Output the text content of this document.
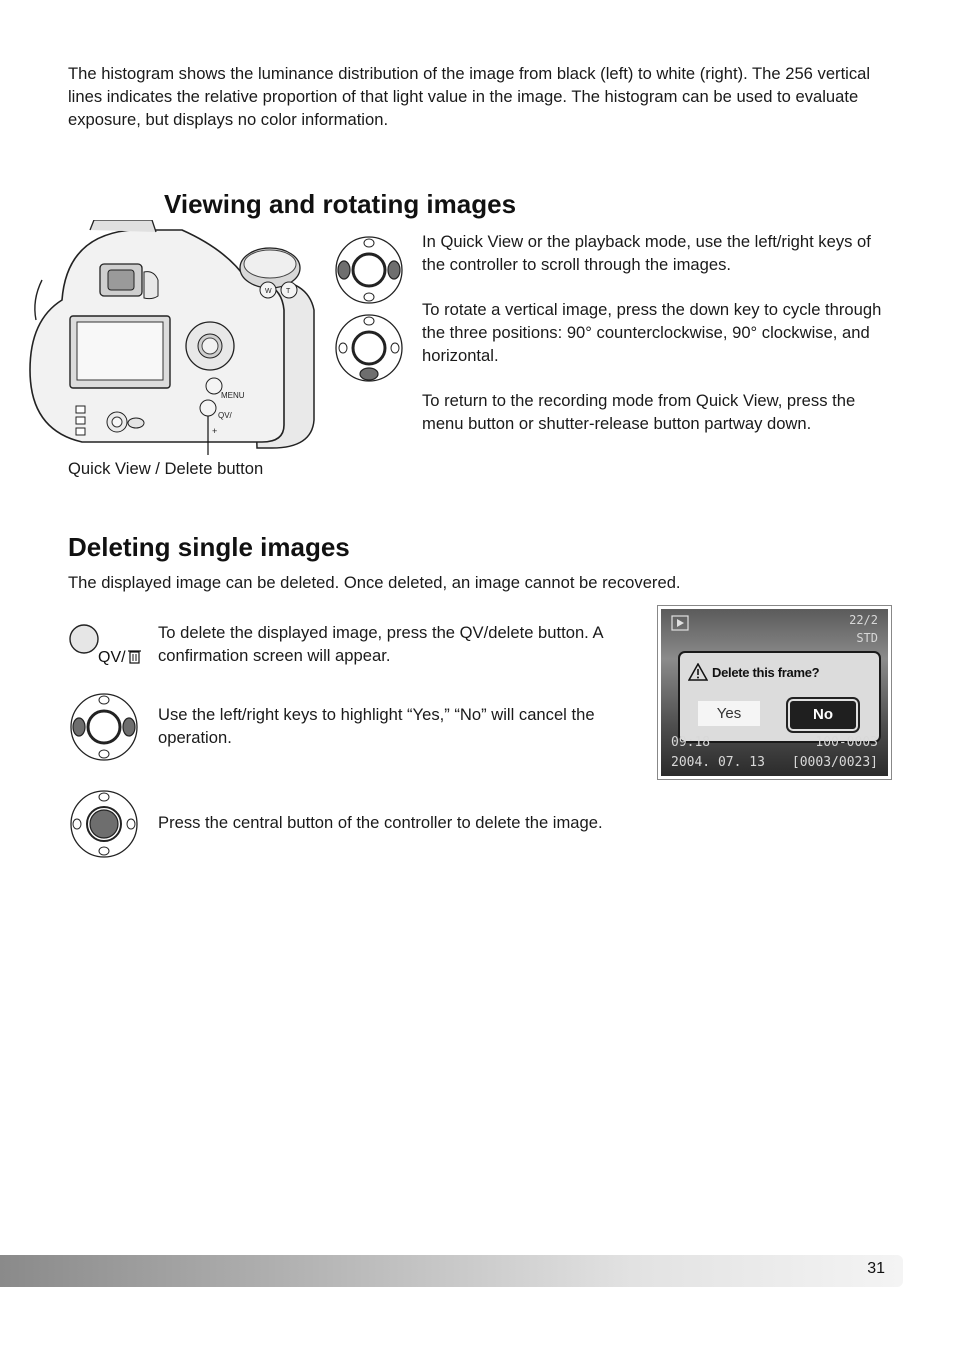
The histogram shows the luminance distribution of the image from black (left) to white (right). The 256 vertical lines indicates the relative proportion of that light value in the image. The histogram can be used to evaluate exposure, but displays no color information.
Viewing and rotating images
W T
MENU
QV/
+
Quick View / Delete button
In Quick View or the playback mode, use the left/right keys of the controller to scroll through the images.
To rotate a vertical image, press the down key to cycle through the three positions: 90° counterclockwise, 90° clockwise, and horizontal.
To return to the recording mode from Quick View, press the menu button or shutter-release button partway down.
Deleting single images
The displayed image can be deleted. Once deleted, an image cannot be recovered.
QV/
To delete the displayed image, press the QV/delete button. A confirmation screen will appear.
Use the left/right keys to highlight “Yes,” “No” will cancel the operation.
Press the central button of the controller to delete the image.
22/2
STD
Delete this frame?
Yes	No
09:18	100-0003
2004. 07. 13 [0003/0023]
31
